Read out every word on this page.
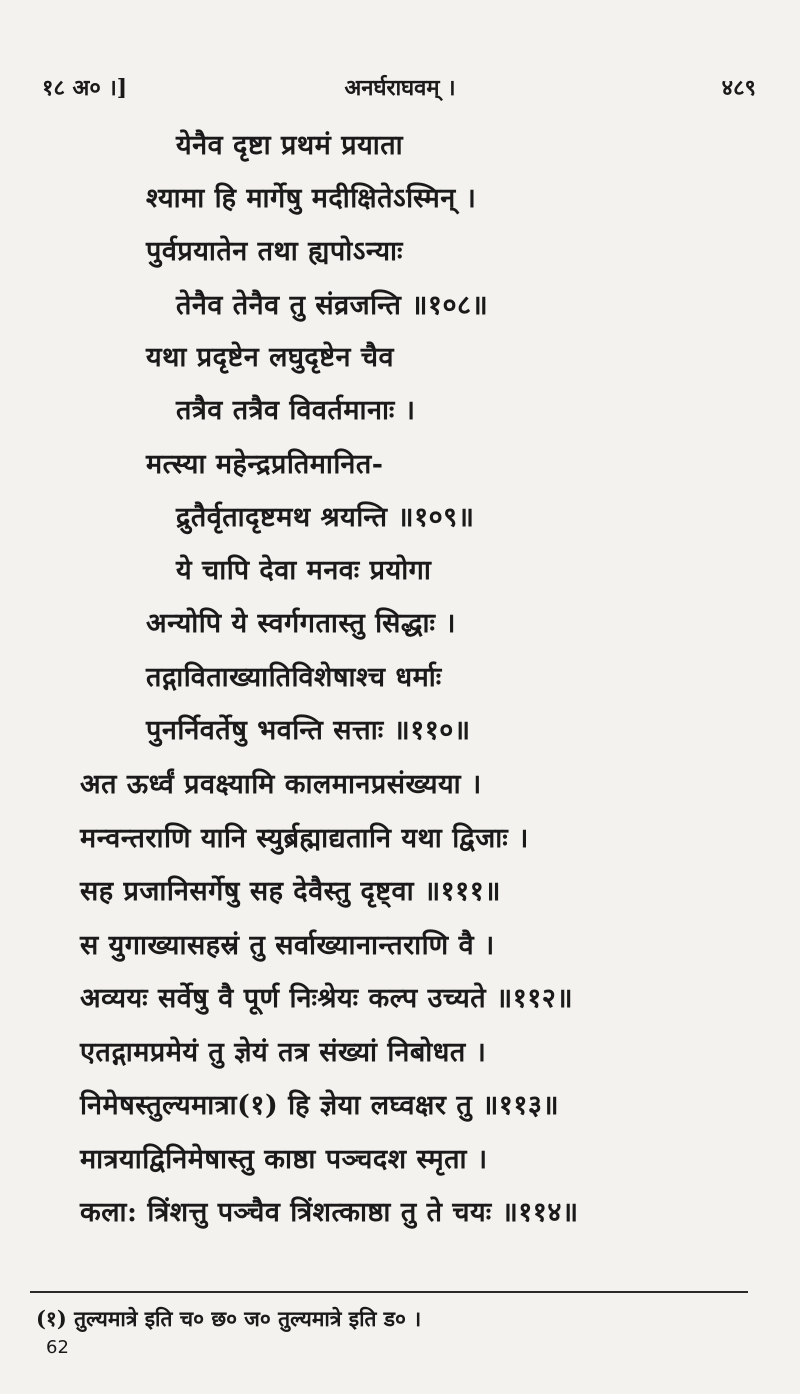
१८ अ० ।]	अनर्घराघवम् ।	४८९
येनैव दृष्टा प्रथमं प्रयाता
श्यामा हि मार्गेषु मदीक्षितेऽस्मिन् ।
पुर्वप्रयातेन तथा ह्यपोऽन्याः
तेनैव तेनैव तु संव्रजन्ति ॥१०८॥
यथा प्रदृष्टेन लघुदृष्टेन चैव
तत्रैव तत्रैव विवर्तमानाः ।
मत्स्या महेन्द्रप्रतिमानित-
द्रुतैर्वृतादृष्टमथ श्रयन्ति ॥१०९॥
ये चापि देवा मनवः प्रयोगा
अन्योपि ये स्वर्गगतास्तु सिद्धाः ।
तद्गाविताख्यातिविशेषाश्च धर्माः
पुनर्निवर्तेषु भवन्ति सत्ताः ॥११०॥
अत ऊर्ध्वं प्रवक्ष्यामि कालमानप्रसंख्यया ।
मन्वन्तराणि यानि स्युर्ब्रह्माद्यतानि यथा द्विजाः ।
सह प्रजानिसर्गेषु सह देवैस्तु दृष्ट्वा ॥१११॥
स युगाख्यासहस्रं तु सर्वाख्यानान्तराणि वै ।
अव्ययः सर्वेषु वै पूर्ण निःश्रेयः कल्प उच्यते ॥११२॥
एतद्गामप्रमेयं तु ज्ञेयं तत्र संख्यां निबोधत ।
निमेषस्तुल्यमात्रा(१) हि ज्ञेया लघ्वक्षर तु ॥११३॥
मात्रयाद्विनिमेषास्तु काष्ठा पञ्चदश स्मृता ।
कला: त्रिंशत्तु पञ्चैव त्रिंशत्काष्ठा तु ते चयः ॥११४॥
(१) तुल्यमात्रे इति च० छ० ज० तुल्यमात्रे इति ड० ।
62
